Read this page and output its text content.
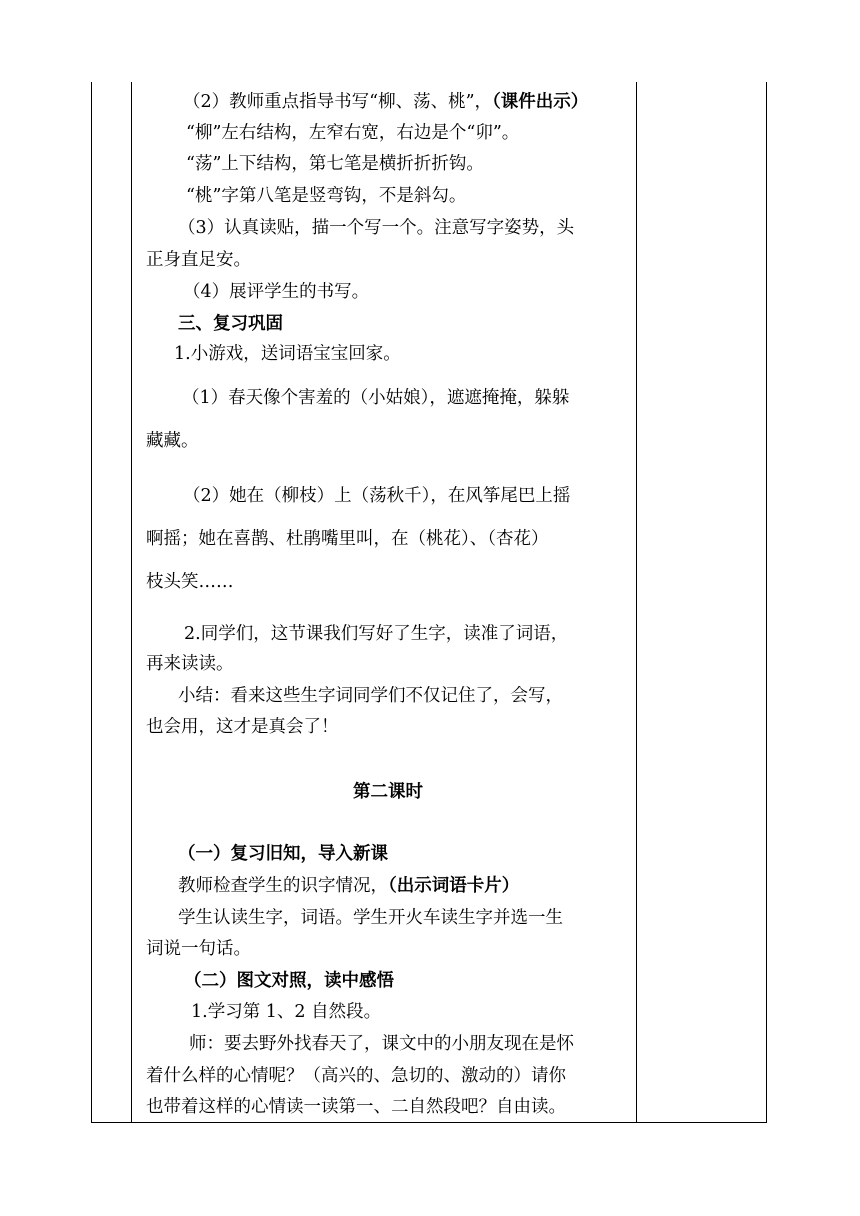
（2）教师重点指导书写“柳、荡、桃”，（课件出示）
“柳”左右结构，左窄右宽，右边是个“卯”。
“荡”上下结构，第七笔是横折折折钩。
“桃”字第八笔是竖弯钩，不是斜勾。
（3）认真读贴，描一个写一个。注意写字姿势，头
正身直足安。
（4）展评学生的书写。
三、复习巩固
1.小游戏，送词语宝宝回家。
（1）春天像个害羞的（小姑娘），遮遮掩掩，躲躲
藏藏。
（2）她在（柳枝）上（荡秋千），在风筝尾巴上摇
啊摇；她在喜鹊、杜鹃嘴里叫，在（桃花）、（杏花）
枝头笑……
2.同学们，这节课我们写好了生字，读准了词语，
再来读读。
小结：看来这些生字词同学们不仅记住了，会写，
也会用，这才是真会了！
第二课时
（一）复习旧知，导入新课
教师检查学生的识字情况，（出示词语卡片）
学生认读生字，词语。学生开火车读生字并选一生
词说一句话。
（二）图文对照，读中感悟
1.学习第 1、2 自然段。
师：要去野外找春天了，课文中的小朋友现在是怀
着什么样的心情呢？（高兴的、急切的、激动的）请你
也带着这样的心情读一读第一、二自然段吧？自由读。
